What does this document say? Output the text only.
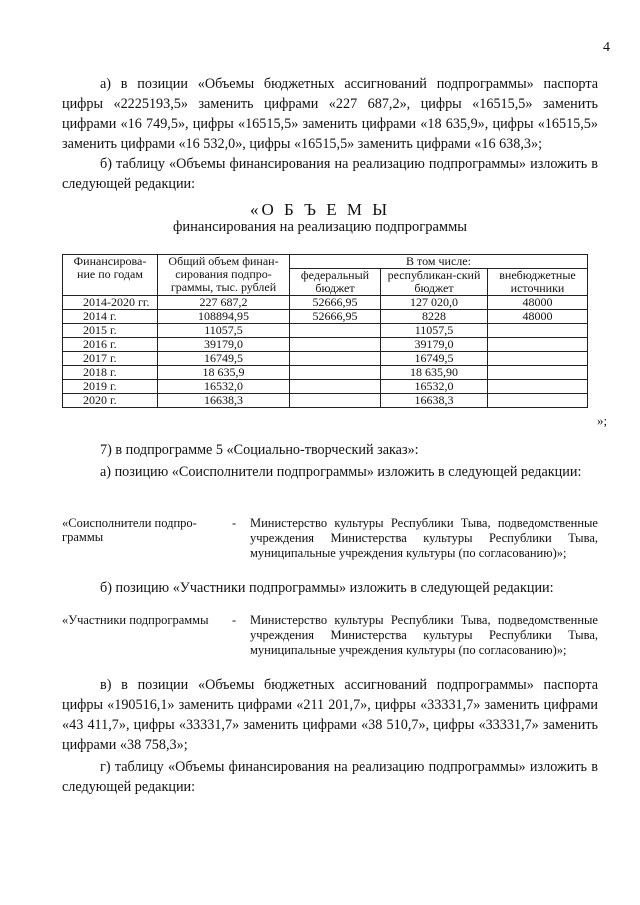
4
а) в позиции «Объемы бюджетных ассигнований подпрограммы» паспорта цифры «2225193,5» заменить цифрами «227 687,2», цифры «16515,5» заменить цифрами «16 749,5», цифры «16515,5» заменить цифрами «18 635,9», цифры «16515,5» заменить цифрами «16 532,0», цифры «16515,5» заменить цифрами «16 638,3»;
б) таблицу «Объемы финансирования на реализацию подпрограммы» изложить в следующей редакции:
«О Б Ъ Е М Ы
финансирования на реализацию подпрограммы
Финансирова-ние по годам	Общий объем финан-сирования подпро-граммы, тыс. рублей	В том числе:		
		федеральный бюджет	республикан-ский бюджет	внебюджетные источники
2014-2020 гг.	227 687,2	52666,95	127 020,0	48000
2014 г.	108894,95	52666,95	8228	48000
2015 г.	11057,5		11057,5	
2016 г.	39179,0		39179,0	
2017 г.	16749,5		16749,5	
2018 г.	18 635,9		18 635,90	
2019 г.	16532,0		16532,0	
2020 г.	16638,3		16638,3	
»;
7) в подпрограмме 5 «Социально-творческий заказ»:
а) позицию «Соисполнители подпрограммы» изложить в следующей редакции:
«Соисполнители подпро-граммы
- Министерство культуры Республики Тыва, подведомственные учреждения Министерства культуры Республики Тыва, муниципальные учреждения культуры (по согласованию)»;
б) позицию «Участники подпрограммы» изложить в следующей редакции:
«Участники подпрограммы	- Министерство культуры Республики Тыва, подведомственные учреждения Министерства культуры Республики Тыва, муниципальные учреждения культуры (по согласованию)»;
в) в позиции «Объемы бюджетных ассигнований подпрограммы» паспорта цифры «190516,1» заменить цифрами «211 201,7», цифры «33331,7» заменить цифрами «43 411,7», цифры «33331,7» заменить цифрами «38 510,7», цифры «33331,7» заменить цифрами «38 758,3»;
г) таблицу «Объемы финансирования на реализацию подпрограммы» изложить в следующей редакции:
